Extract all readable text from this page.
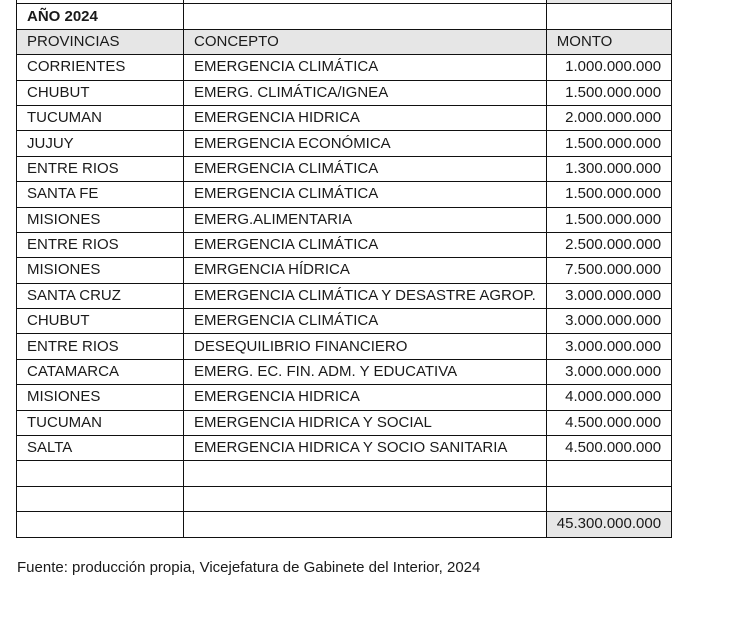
AÑO 2024		
PROVINCIAS	CONCEPTO	MONTO
CORRIENTES	EMERGENCIA CLIMÁTICA	1.000.000.000
CHUBUT	EMERG. CLIMÁTICA/IGNEA	1.500.000.000
TUCUMAN	EMERGENCIA HIDRICA	2.000.000.000
JUJUY	EMERGENCIA ECONÓMICA	1.500.000.000
ENTRE RIOS	EMERGENCIA CLIMÁTICA	1.300.000.000
SANTA FE	EMERGENCIA CLIMÁTICA	1.500.000.000
MISIONES	EMERG.ALIMENTARIA	1.500.000.000
ENTRE RIOS	EMERGENCIA CLIMÁTICA	2.500.000.000
MISIONES	EMRGENCIA HÍDRICA	7.500.000.000
SANTA CRUZ	EMERGENCIA CLIMÁTICA Y DESASTRE AGROP.	3.000.000.000
CHUBUT	EMERGENCIA CLIMÁTICA	3.000.000.000
ENTRE RIOS	DESEQUILIBRIO FINANCIERO	3.000.000.000
CATAMARCA	EMERG. EC. FIN. ADM. Y EDUCATIVA	3.000.000.000
MISIONES	EMERGENCIA HIDRICA	4.000.000.000
TUCUMAN	EMERGENCIA HIDRICA Y SOCIAL	4.500.000.000
SALTA	EMERGENCIA HIDRICA Y SOCIO SANITARIA	4.500.000.000

		45.300.000.000
Fuente: producción propia, Vicejefatura de Gabinete del Interior, 2024
